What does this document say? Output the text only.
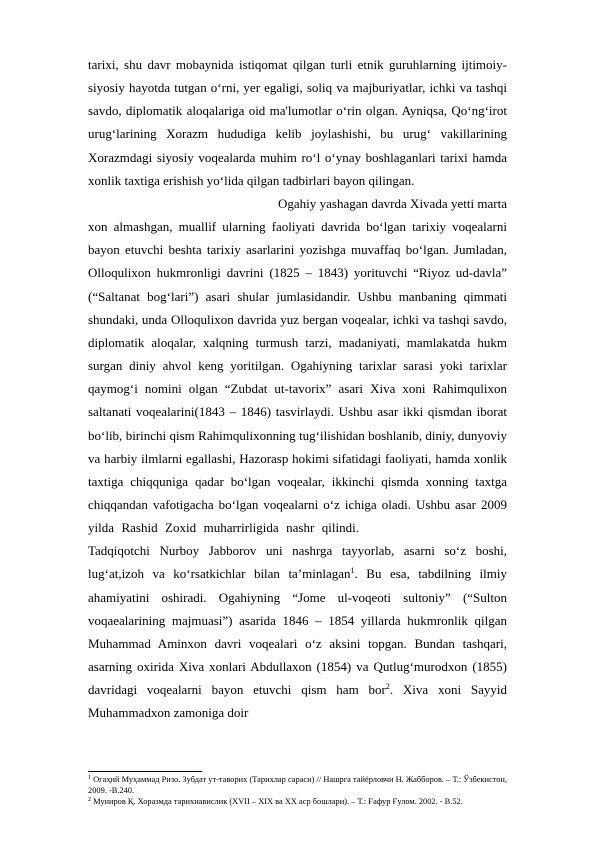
tarixi, shu davr mobaynida istiqomat qilgan turli etnik guruhlarning ijtimoiy-siyosiy hayotda tutgan o‘rni, yer egaligi, soliq va majburiyatlar, ichki va tashqi savdo, diplomatik aloqalariga oid ma'lumotlar o‘rin olgan. Ayniqsa, Qo‘ng‘irot urug‘larining Xorazm hududiga kelib joylashishi, bu urug‘ vakillarining Xorazmdagi siyosiy voqealarda muhim ro‘l o‘ynay boshlaganlari tarixi hamda xonlik taxtiga erishish yo‘lida qilgan tadbirlari bayon qilingan.

Ogahiy yashagan davrda Xivada yetti marta xon almashgan, muallif ularning faoliyati davrida bo‘lgan tarixiy voqealarni bayon etuvchi beshta tarixiy asarlarini yozishga muvaffaq bo‘lgan. Jumladan, Olloqulixon hukmronligi davrini (1825 – 1843) yorituvchi “Riyoz ud-davla” (“Saltanat bog‘lari”) asari shular jumlasidandir. Ushbu manbaning qimmati shundaki, unda Olloqulixon davrida yuz bergan voqealar, ichki va tashqi savdo, diplomatik aloqalar, xalqning turmush tarzi, madaniyati, mamlakatda hukm surgan diniy ahvol keng yoritilgan. Ogahiyning tarixlar sarasi yoki tarixlar qaymog‘i nomini olgan “Zubdat ut-tavorix” asari Xiva xoni Rahimqulixon saltanati voqealarini(1843 – 1846) tasvirlaydi. Ushbu asar ikki qismdan iborat bo‘lib, birinchi qism Rahimqulixonning tug‘ilishidan boshlanib, diniy, dunyoviy va harbiy ilmlarni egallashi, Hazorasp hokimi sifatidagi faoliyati, hamda xonlik taxtiga chiqquniga qadar bo‘lgan voqealar, ikkinchi qismda xonning taxtga chiqqandan vafotigacha bo‘lgan voqealarni o‘z ichiga oladi. Ushbu asar 2009 yilda Rashid Zoxid muharrirligida nashr qilindi.Tadqiqotchi Nurboy Jabborov uni nashrga tayyorlab, asarni so‘z boshi, lug‘at,izoh va ko‘rsatkichlar bilan ta’minlagan$^1$. Bu esa, tabdilning ilmiy ahamiyatini oshiradi. Ogahiyning “Jome ul-voqeoti sultoniy” (“Sulton voqaealarining majmuasi”) asarida 1846 – 1854 yillarda hukmronlik qilgan Muhammad Aminxon davri voqealari o‘z aksini topgan. Bundan tashqari, asarning oxirida Xiva xonlari Abdullaxon (1854) va Qutlug‘murodxon (1855) davridagi voqealarni bayon etuvchi qism ham bor$^2$. Xiva xoni Sayyid Muhammadxon zamoniga doir

$^1$ Огаҳий Муҳаммад Ризо. Зубдат ут-таворих (Тарихлар сараси) // Нашрга тайёрловчи Н. Жабборов. – Т.: Ўзбекистон, 2009. -В.240.

$^2$ Муниров Қ. Хоразмда тарихнавислик (XVII – XIX ва XX аср бошлари). – Т.: Ғафур Ғулом. 2002. - В.52.
